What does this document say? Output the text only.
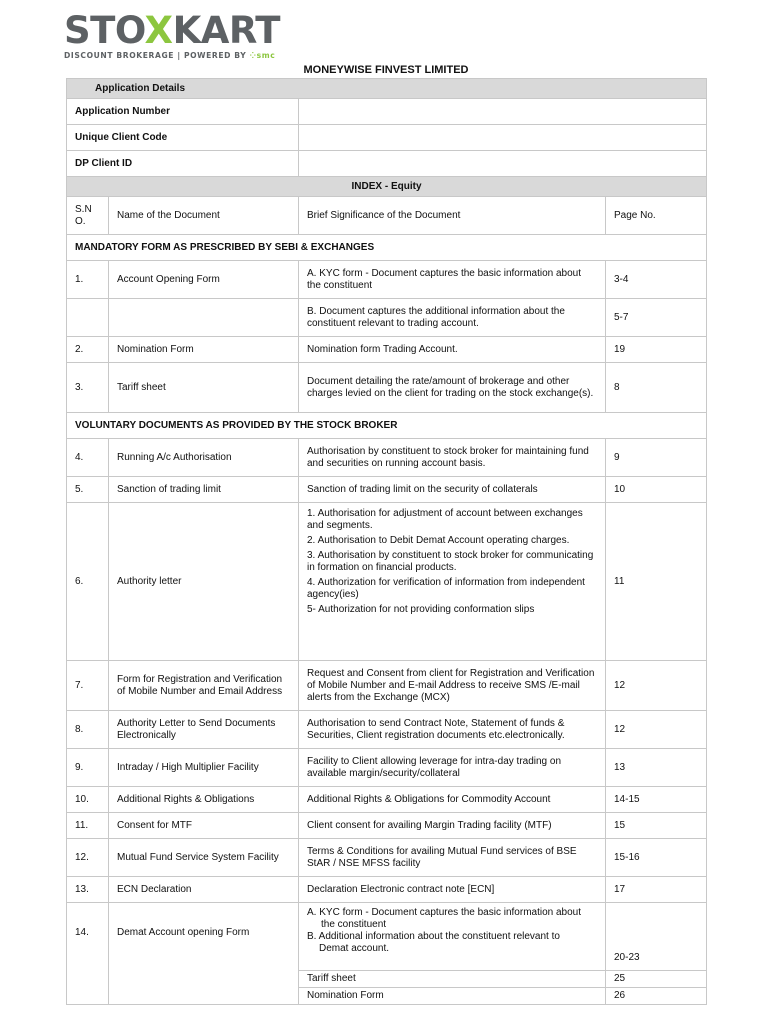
STOXKART
DISCOUNT BROKERAGE | POWERED BY ⁘smc
MONEYWISE FINVEST LIMITED
Application Details			
Application Number			
Unique Client Code			
DP Client ID			
INDEX - Equity			
S.N O.	Name of the Document	Brief Significance of the Document	Page No.
MANDATORY FORM AS PRESCRIBED BY SEBI & EXCHANGES			
1.	Account Opening Form	A. KYC form - Document captures the basic information about the constituent	3-4
		B. Document captures the additional information about the constituent relevant to trading account.	5-7
2.	Nomination Form	Nomination form Trading Account.	19
3.	Tariff sheet	Document detailing the rate/amount of brokerage and other charges levied on the client for trading on the stock exchange(s).	8
VOLUNTARY DOCUMENTS AS PROVIDED BY THE STOCK BROKER			
4.	Running A/c Authorisation	Authorisation by constituent to stock broker for maintaining fund and securities on running account basis.	9
5.	Sanction of trading limit	Sanction of trading limit on the security of collaterals	10
6.	Authority letter	1. Authorisation for adjustment of account between exchanges and segments.
2. Authorisation to Debit Demat Account operating charges.
3. Authorisation by constituent to stock broker for communicating in formation on financial products.
4. Authorization for verification of information from independent agency(ies)
5- Authorization for not providing conformation slips	11
7.	Form for Registration and Verification of Mobile Number and Email Address	Request and Consent from client for Registration and Verification of Mobile Number and E-mail Address to receive SMS /E-mail alerts from the Exchange (MCX)	12
8.	Authority Letter to Send Documents Electronically	Authorisation to send Contract Note, Statement of funds & Securities, Client registration documents etc.electronically.	12
9.	Intraday / High Multiplier Facility	Facility to Client allowing leverage for intra-day trading on available margin/security/collateral	13
10.	Additional Rights & Obligations	Additional Rights & Obligations for Commodity Account	14-15
11.	Consent for MTF	Client consent for availing Margin Trading facility (MTF)	15
12.	Mutual Fund Service System Facility	Terms & Conditions for availing Mutual Fund services of BSE StAR / NSE MFSS facility	15-16
13.	ECN Declaration	Declaration Electronic contract note [ECN]	17
14.	Demat Account opening Form	A. KYC form - Document captures the basic information about
the constituent
B. Additional information about the constituent relevant to
Demat account.	20-23
		Tariff sheet	25
		Nomination Form	26
